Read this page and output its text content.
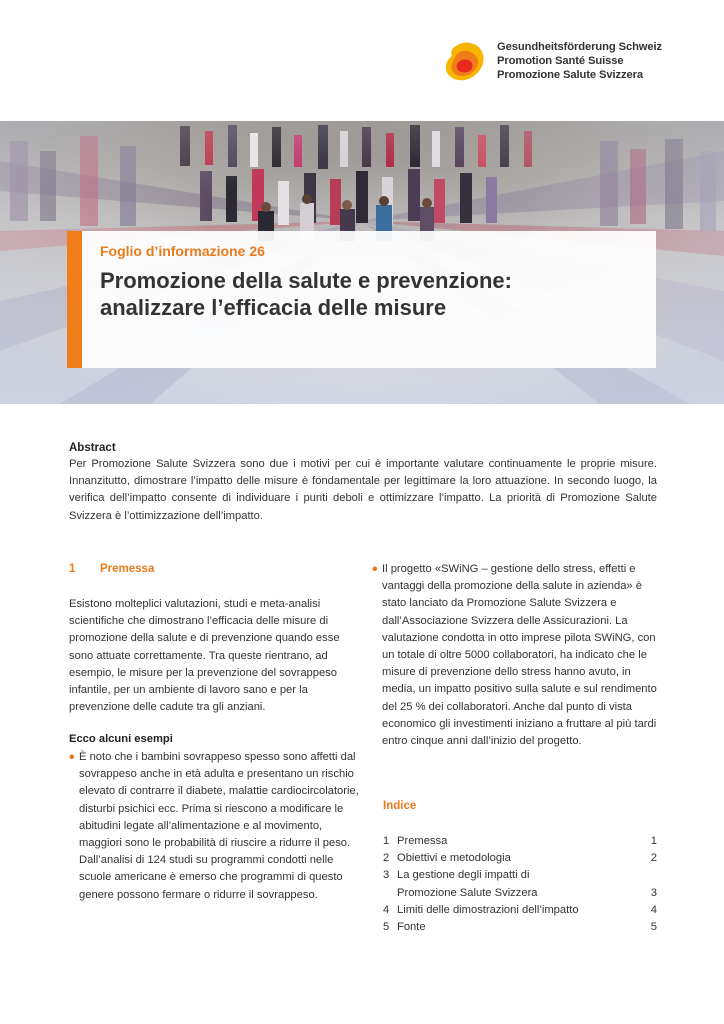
Gesundheitsförderung Schweiz
Promotion Santé Suisse
Promozione Salute Svizzera
Foglio d’informazione 26
Promozione della salute e prevenzione:
analizzare l’efficacia delle misure
Abstract

Per Promozione Salute Svizzera sono due i motivi per cui è importante valutare continuamente le proprie misure. Innanzitutto, dimostrare l’impatto delle misure è fondamentale per legittimare la loro attuazione. In secondo luogo, la verifica dell’impatto consente di individuare i punti deboli e ottimizzare l’impatto. La priorità di Promozione Salute Svizzera è l’ottimizzazione dell’impatto.

1 Premessa

Esistono molteplici valutazioni, studi e meta-analisi scientifiche che dimostrano l’efficacia delle misure di promozione della salute e di prevenzione quando esse sono attuate correttamente. Tra queste rientrano, ad esempio, le misure per la prevenzione del sovrappeso infantile, per un ambiente di lavoro sano e per la prevenzione delle cadute tra gli anziani.

Ecco alcuni esempi
• È noto che i bambini sovrappeso spesso sono affetti dal sovrappeso anche in età adulta e presentano un rischio elevato di contrarre il diabete, malattie cardiocircolatorie, disturbi psichici ecc. Prima si riescono a modificare le abitudini legate all’alimentazione e al movimento, maggiori sono le probabilità di riuscire a ridurre il peso. Dall’analisi di 124 studi su programmi condotti nelle scuole americane è emerso che programmi di questo genere possono fermare o ridurre il sovrappeso.

• Il progetto «SWiNG – gestione dello stress, effetti e vantaggi della promozione della salute in azienda» è stato lanciato da Promozione Salute Svizzera e dall’Associazione Svizzera delle Assicurazioni. La valutazione condotta in otto imprese pilota SWiNG, con un totale di oltre 5000 collaboratori, ha indicato che le misure di prevenzione dello stress hanno avuto, in media, un impatto positivo sulla salute e sul rendimento del 25 % dei collaboratori. Anche dal punto di vista economico gli investimenti iniziano a fruttare al più tardi entro cinque anni dall’inizio del progetto.

Indice
1 Premessa	1
2 Obiettivi e metodologia	2
3 La gestione degli impatti di
Promozione Salute Svizzera	3
4 Limiti delle dimostrazioni dell’impatto	4
5 Fonte	5
